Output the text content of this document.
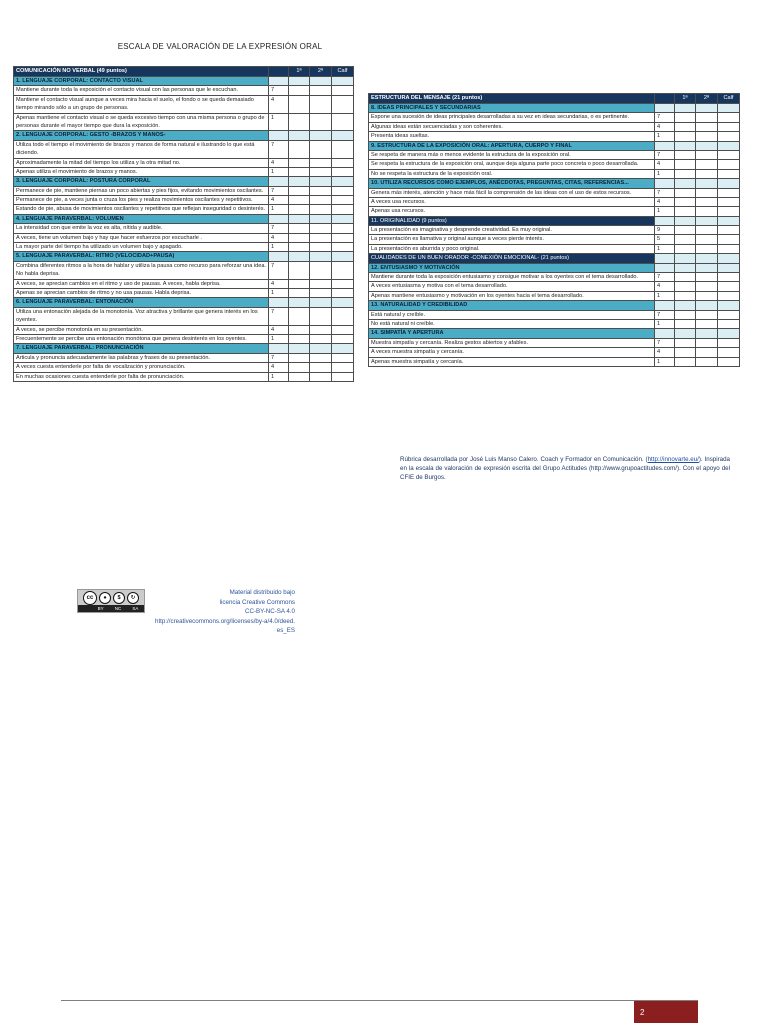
ESCALA DE VALORACIÓN DE LA EXPRESIÓN ORAL
COMUNICACIÓN NO VERBAL (49 puntos)		1ª	2ª	Calf
1. LENGUAJE CORPORAL: CONTACTO VISUAL				
Mantiene durante toda la exposición el contacto visual con las personas que le escuchan.	7			
Mantiene el contacto visual aunque a veces mira hacia el suelo, el fondo o se queda demasiado tiempo mirando sólo a un grupo de personas.	4			
Apenas mantiene el contacto visual o se queda excesivo tiempo con una misma persona o grupo de personas durante el mayor tiempo que dura la exposición.	1			
2. LENGUAJE CORPORAL: GESTO -BRAZOS Y MANOS-				
Utiliza todo el tiempo el movimiento de brazos y manos de forma natural e ilustrando lo que está diciendo.	7			
Aproximadamente la mitad del tiempo los utiliza y la otra mitad no.	4			
Apenas utiliza el movimiento de brazos y manos.	1			
3. LENGUAJE CORPORAL: POSTURA CORPORAL				
Permanece de pie, mantiene piernas un poco abiertas y pies fijos, evitando movimientos oscilantes.	7			
Permanece de pie, a veces junta o cruza los pies y realiza movimientos oscilantes y repetitivos.	4			
Estando de pie, abusa de movimientos oscilantes y repetitivos que reflejan inseguridad o desinterés.	1			
4. LENGUAJE PARAVERBAL: VOLUMEN				
La intensidad con que emite la voz es alta, nítida y audible.	7			
A veces, tiene un volumen bajo y hay que hacer esfuerzos por escucharle .	4			
La mayor parte del tiempo ha utilizado un volumen bajo y apagado.	1			
5. LENGUAJE PARAVERBAL: RITMO (VELOCIDAD+PAUSA)				
Combina diferentes ritmos a la hora de hablar y utiliza la pausa como recurso para reforzar una idea. No habla deprisa.	7			
A veces, se aprecian cambios en el ritmo y uso de pausas. A veces, habla deprisa.	4			
Apenas se aprecian cambios de ritmo y no usa pausas. Habla deprisa.	1			
6. LENGUAJE PARAVERBAL: ENTONACIÓN				
Utiliza una entonación alejada de la monotonía. Voz atractiva y brillante que genera interés en los oyentes.	7			
A veces, se percibe monotonía en su presentación.	4			
Frecuentemente se percibe una entonación monótona que genera desinterés en los oyentes.	1			
7. LENGUAJE PARAVERBAL: PRONUNCIACIÓN				
Articula y pronuncia adecuadamente las palabras y frases de su presentación.	7			
A veces cuesta entenderle por falta de vocalización y pronunciación.	4			
En muchas ocasiones cuesta entenderle por falta de pronunciación.	1			
ESTRUCTURA DEL MENSAJE (21 puntos)		1ª	2ª	Calf
8. IDEAS PRINCIPALES Y SECUNDARIAS				
Expone una sucesión de ideas principales desarrolladas a su vez en ideas secundarias, o es pertinente.	7			
Algunas ideas están secuenciadas y son coherentes.	4			
Presenta ideas sueltas.	1			
9. ESTRUCTURA DE LA EXPOSICIÓN ORAL: APERTURA, CUERPO Y FINAL				
Se respeta de manera más o menos evidente la estructura de la exposición oral.	7			
Se respeta la estructura de la exposición oral, aunque deja alguna parte poco concreta o poco desarrollada.	4			
No se respeta la estructura de la exposición oral.	1			
10. UTILIZA RECURSOS COMO EJEMPLOS, ANÉCDOTAS, PREGUNTAS, CITAS, REFERENCIAS...				
Genera más interés, atención y hace más fácil la comprensión de las ideas con el uso de estos recursos.	7			
A veces usa recursos.	4			
Apenas usa recursos.	1			
11. ORIGINALIDAD (9 puntos)				
La presentación es imaginativa y desprende creatividad. Es muy original.	9			
La presentación es llamativa y original aunque a veces pierde interés.	5			
La presentación es aburrida y poco original.	1			
CUALIDADES DE UN BUEN ORADOR -CONEXIÓN EMOCIONAL- (21 puntos)				
12. ENTUSIASMO Y MOTIVACIÓN				
Mantiene durante toda la exposición entusiasmo y consigue motivar a los oyentes con el tema desarrollado.	7			
A veces entusiasma y motiva con el tema desarrollado.	4			
Apenas mantiene entusiasmo y motivación en los oyentes hacia el tema desarrollado.	1			
13. NATURALIDAD Y CREDIBILIDAD				
Está natural y creíble.	7			
No está natural ni creíble.	1			
14. SIMPATÍA Y APERTURA				
Muestra simpatía y cercanía. Realiza gestos abiertos y afables.	7			
A veces muestra simpatía y cercanía.	4			
Apenas muestra simpatía y cercanía.	1			
Rúbrica desarrollada por José Luis Manso Calero. Coach y Formador en Comunicación. (http://innovarte.eu/). Inspirada en la escala de valoración de expresión escrita del Grupo Actitudes (http://www.grupoactitudes.com/). Con el apoyo del CFIE de Burgos.
cc	●	$	↻
BY NC SA
Material distribuido bajo
licencia Creative Commons
CC-BY-NC-SA 4.0
http://creativecommons.org/licenses/by-a/4.0/deed.
es_ES
2
